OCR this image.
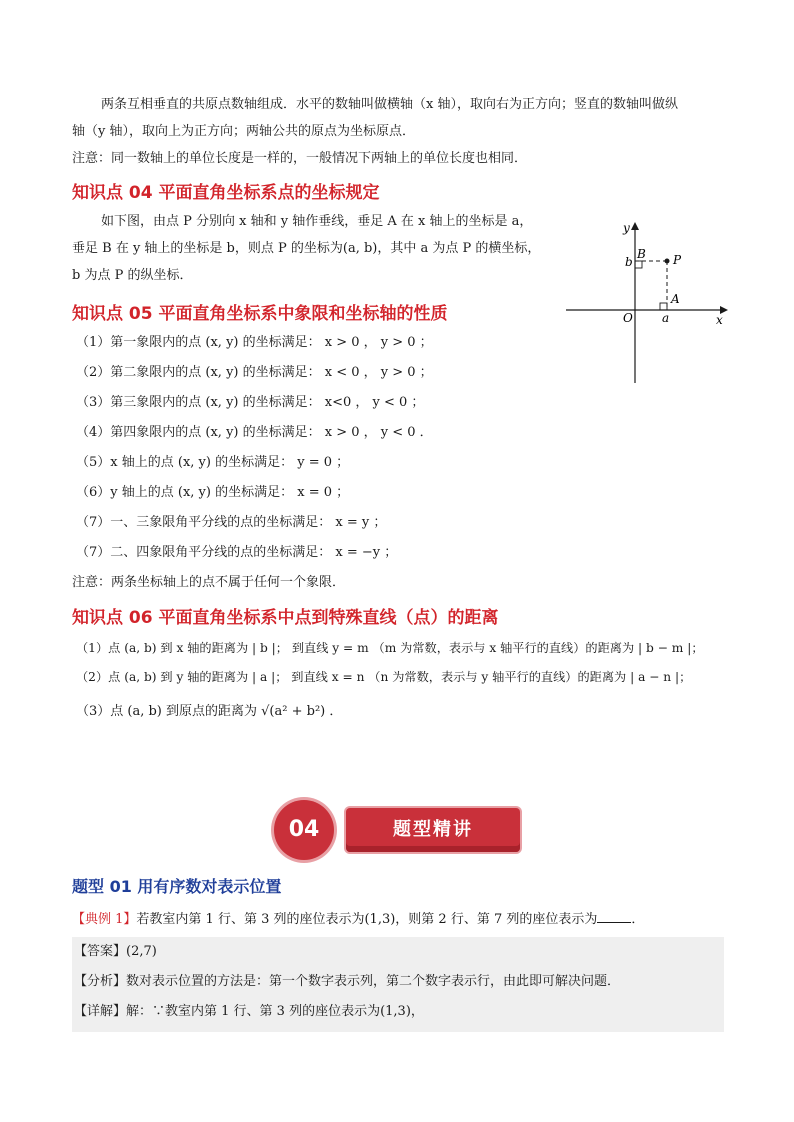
两条互相垂直的共原点数轴组成．水平的数轴叫做横轴（x 轴），取向右为正方向；竖直的数轴叫做纵
轴（y 轴），取向上为正方向；两轴公共的原点为坐标原点．
注意：同一数轴上的单位长度是一样的，一般情况下两轴上的单位长度也相同．
知识点 04 平面直角坐标系点的坐标规定
如下图，由点 P 分别向 x 轴和 y 轴作垂线，垂足 A 在 x 轴上的坐标是 a，
垂足 B 在 y 轴上的坐标是 b，则点 P 的坐标为(a, b)，其中 a 为点 P 的横坐标，
b 为点 P 的纵坐标．
y
x
O a
b
A
B P
知识点 05 平面直角坐标系中象限和坐标轴的性质
（1）第一象限内的点 (x, y) 的坐标满足： x > 0 ， y > 0 ；
（2）第二象限内的点 (x, y) 的坐标满足： x < 0 ， y > 0 ；
（3）第三象限内的点 (x, y) 的坐标满足： x<0 ， y < 0 ；
（4）第四象限内的点 (x, y) 的坐标满足： x > 0 ， y < 0 ．
（5）x 轴上的点 (x, y) 的坐标满足： y = 0 ；
（6）y 轴上的点 (x, y) 的坐标满足： x = 0 ；
（7）一、三象限角平分线的点的坐标满足： x = y ；
（7）二、四象限角平分线的点的坐标满足： x = −y ；
注意：两条坐标轴上的点不属于任何一个象限．
知识点 06 平面直角坐标系中点到特殊直线（点）的距离
（1）点 (a, b) 到 x 轴的距离为 | b |； 到直线 y = m （m 为常数，表示与 x 轴平行的直线）的距离为 | b − m |；
（2）点 (a, b) 到 y 轴的距离为 | a |； 到直线 x = n （n 为常数，表示与 y 轴平行的直线）的距离为 | a − n |；
（3）点 (a, b) 到原点的距离为 √(a² + b²) ．
04	题型精讲
题型 01 用有序数对表示位置
【典例 1】若教室内第 1 行、第 3 列的座位表示为(1,3)，则第 2 行、第 7 列的座位表示为	．
【答案】(2,7)
【分析】数对表示位置的方法是：第一个数字表示列，第二个数字表示行，由此即可解决问题．
【详解】解：∵教室内第 1 行、第 3 列的座位表示为(1,3)，
